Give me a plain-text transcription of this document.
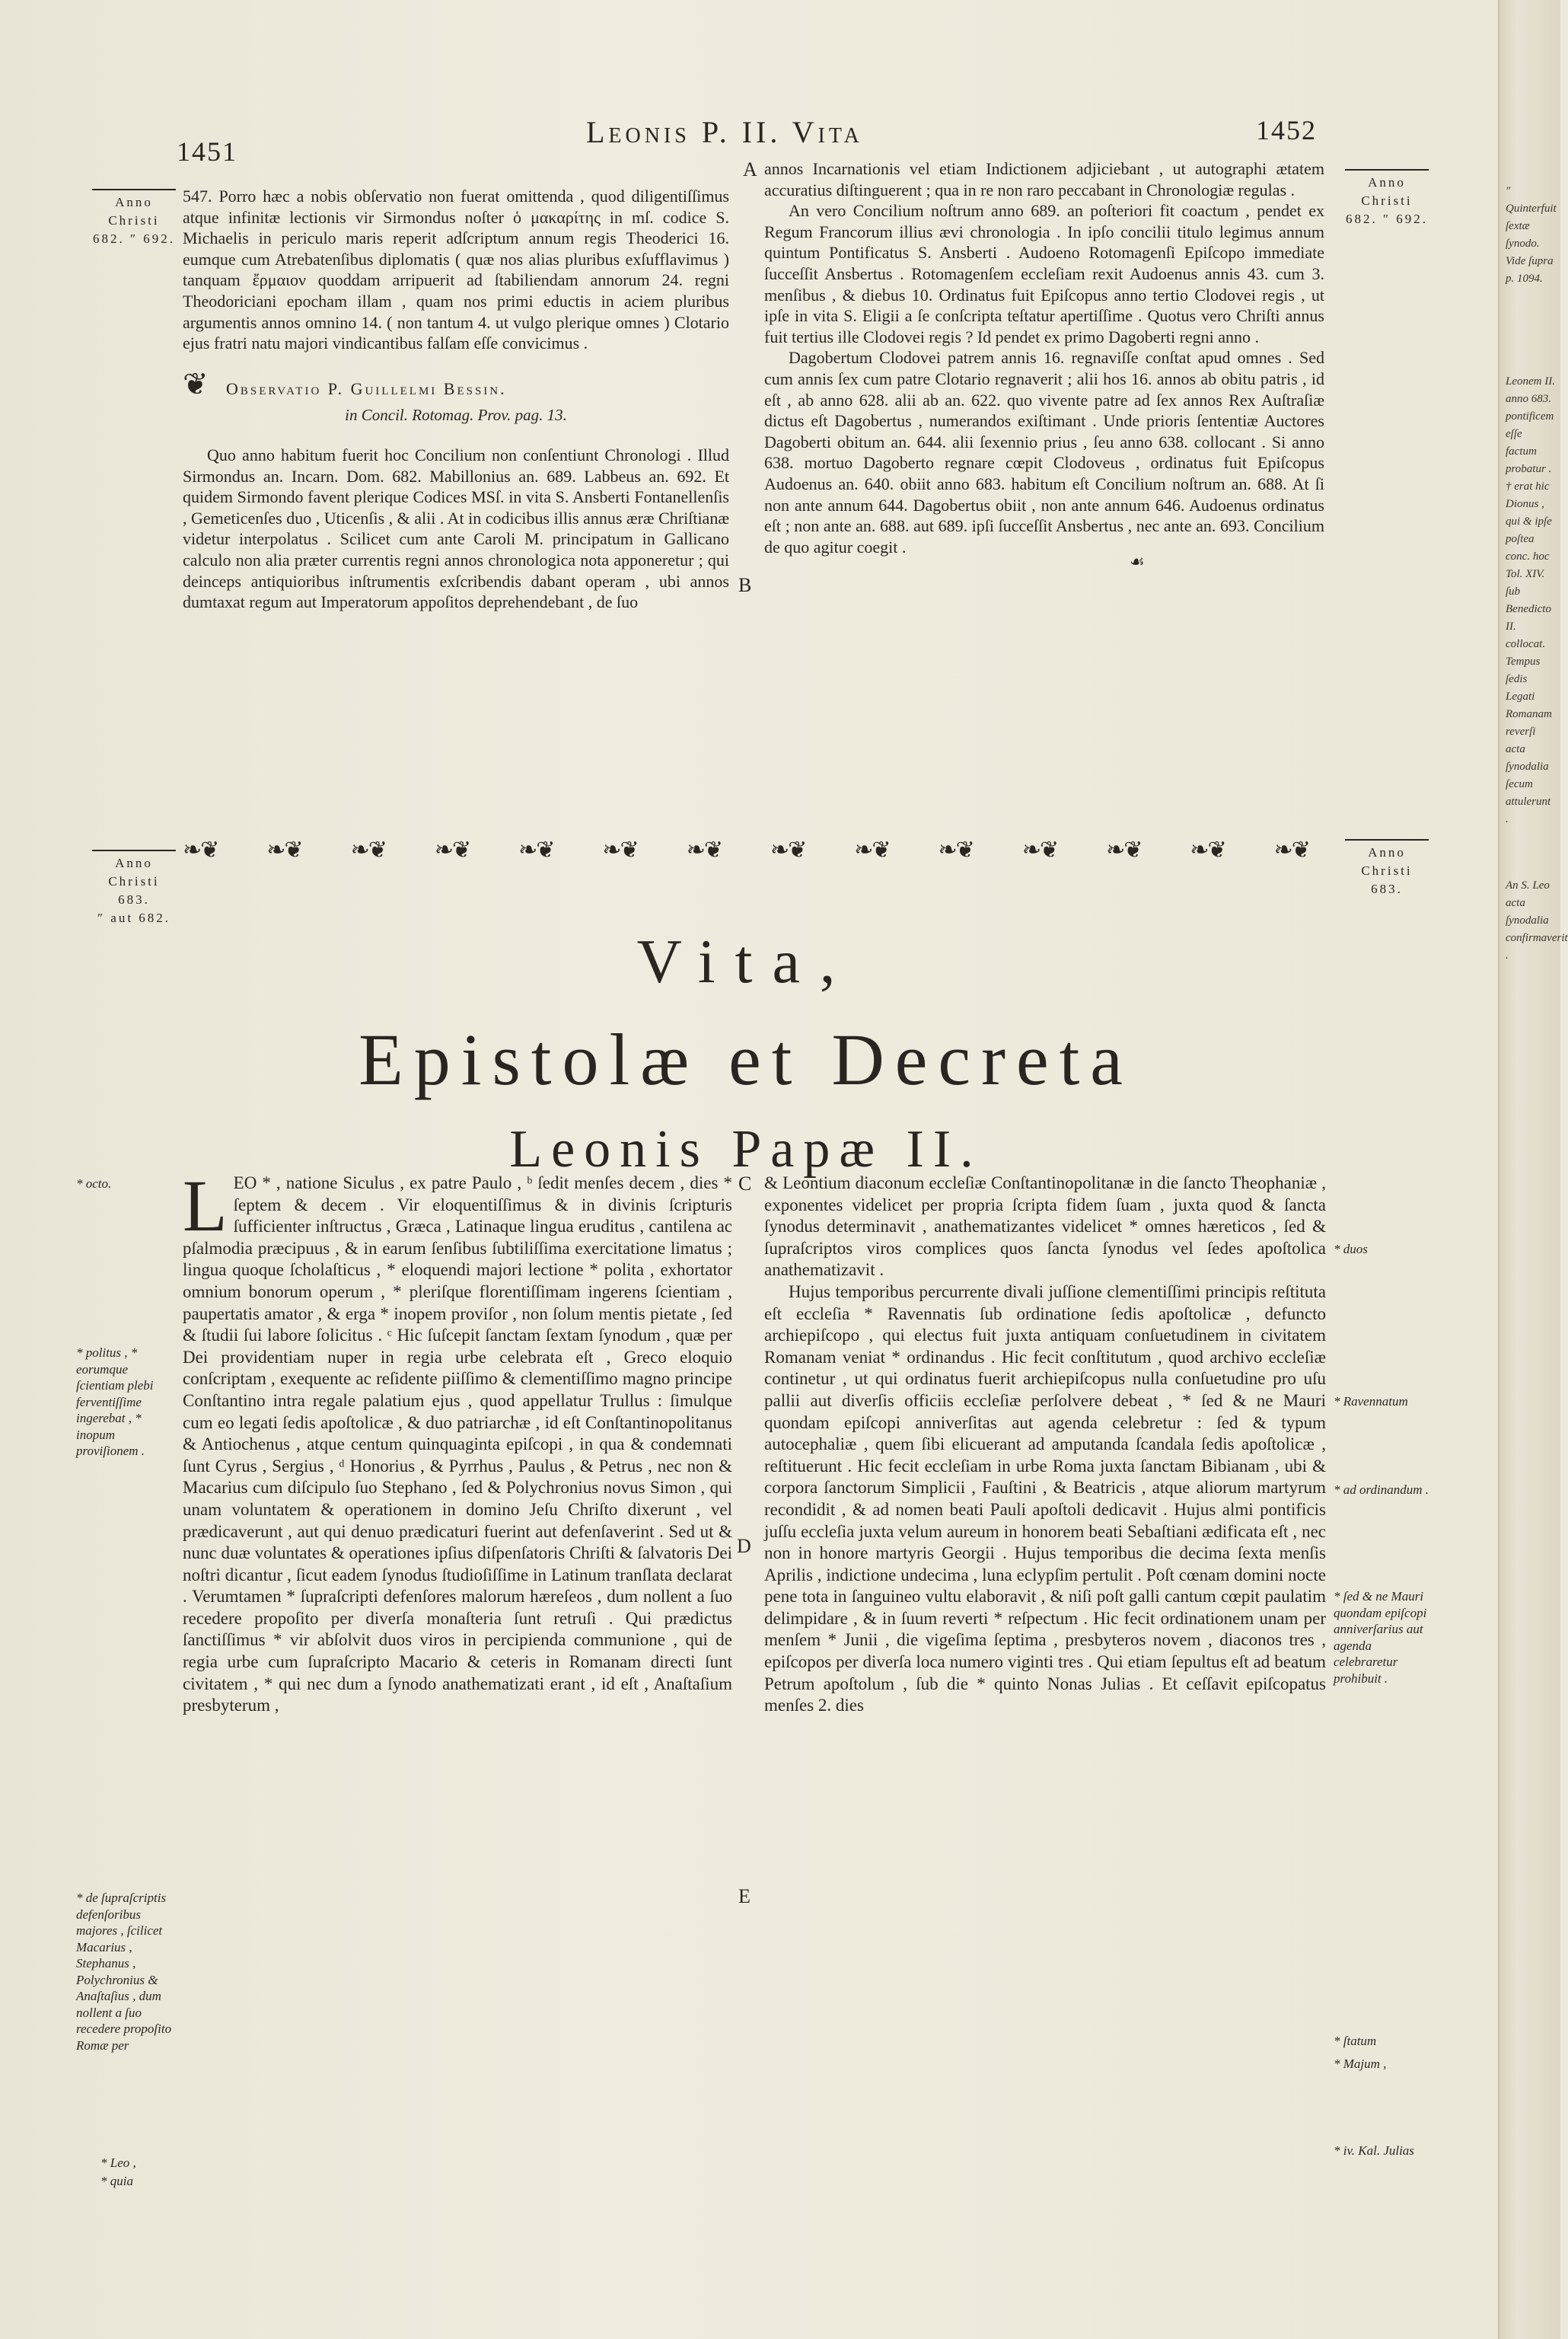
1451
Leonis P. II. Vita	1452
Anno
Christi
682. ″ 692.
Anno
Christi
682. ″ 692.

547. Porro hæc a nobis obſervatio non fuerat omittenda , quod diligentiſſimus atque infinitæ lectionis vir Sirmondus noſter ὁ μακαρίτης in mſ. codice S. Michaelis in periculo maris reperit adſcriptum annum regis Theoderici 16. eumque cum Atrebatenſibus diplomatis ( quæ nos alias pluribus exſufflavimus ) tanquam ἔρμαιον quoddam arripuerit ad ſtabiliendam annorum 24. regni Theodoriciani epocham illam , quam nos primi eductis in aciem pluribus argumentis annos omnino 14. ( non tantum 4. ut vulgo plerique omnes ) Clotario ejus fratri natu majori vindicantibus falſam eſſe convicimus .

❦ Observatio P. Guillelmi Bessin.
in Concil. Rotomag. Prov. pag. 13.

Quo anno habitum fuerit hoc Concilium non conſentiunt Chronologi . Illud Sirmondus an. Incarn. Dom. 682. Mabillonius an. 689. Labbeus an. 692. Et quidem Sirmondo favent plerique Codices MSſ. in vita S. Ansberti Fontanellenſis , Gemeticenſes duo , Uticenſis , & alii . At in codicibus illis annus æræ Chriſtianæ videtur interpolatus . Scilicet cum ante Caroli M. principatum in Gallicano calculo non alia præter currentis regni annos chronologica nota apponeretur ; qui deinceps antiquioribus inſtrumentis exſcribendis dabant operam , ubi annos dumtaxat regum aut Imperatorum appoſitos deprehendebant , de ſuo

A
B

annos Incarnationis vel etiam Indictionem adjiciebant , ut autographi ætatem accuratius diſtinguerent ; qua in re non raro peccabant in Chronologiæ regulas .

An vero Concilium noſtrum anno 689. an poſteriori fit coactum , pendet ex Regum Francorum illius ævi chronologia . In ipſo concilii titulo legimus annum quintum Pontificatus S. Ansberti . Audoeno Rotomagenſi Epiſcopo immediate ſucceſſit Ansbertus . Rotomagenſem eccleſiam rexit Audoenus annis 43. cum 3. menſibus , & diebus 10. Ordinatus fuit Epiſcopus anno tertio Clodovei regis , ut ipſe in vita S. Eligii a ſe conſcripta teſtatur apertiſſime . Quotus vero Chriſti annus fuit tertius ille Clodovei regis ? Id pendet ex primo Dagoberti regni anno .

Dagobertum Clodovei patrem annis 16. regnaviſſe conſtat apud omnes . Sed cum annis ſex cum patre Clotario regnaverit ; alii hos 16. annos ab obitu patris , id eſt , ab anno 628. alii ab an. 622. quo vivente patre ad ſex annos Rex Auſtraſiæ dictus eſt Dagobertus , numerandos exiſtimant . Unde prioris ſententiæ Auctores Dagoberti obitum an. 644. alii ſexennio prius , ſeu anno 638. collocant . Si anno 638. mortuo Dagoberto regnare cœpit Clodoveus , ordinatus fuit Epiſcopus Audoenus an. 640. obiit anno 683. habitum eſt Concilium noſtrum an. 688. At ſi non ante annum 644. Dagobertus obiit , non ante annum 646. Audoenus ordinatus eſt ; non ante an. 688. aut 689. ipſi ſucceſſit Ansbertus , nec ante an. 693. Concilium de quo agitur coegit .

☙
Anno
Christi
683.
″ aut 682.
Anno
Christi
683.
❧❦ ❧❦ ❧❦ ❧❦ ❧❦ ❧❦ ❧❦ ❧❦ ❧❦ ❧❦ ❧❦ ❧❦ ❧❦ ❧❦
Vita,
Epistolæ et Decreta
Leonis Papæ II.
* octo.
* politus , * eorumque ſcientiam plebi ferventiſſime ingerebat , * inopum proviſionem .
* de ſupraſcriptis defenſoribus majores , ſcilicet Macarius , Stephanus , Polychronius & Anaſtaſius , dum nollent a ſuo recedere propoſito Romæ per
* Leo ,
* quia

LEO * , natione Siculus , ex patre Paulo , ᵇ ſedit menſes decem , dies * ſeptem & decem . Vir eloquentiſſimus & in divinis ſcripturis ſufficienter inſtructus , Græca , Latinaque lingua eruditus , cantilena ac pſalmodia præcipuus , & in earum ſenſibus ſubtiliſſima exercitatione limatus ; lingua quoque ſcholaſticus , * eloquendi majori lectione * polita , exhortator omnium bonorum operum , * pleriſque florentiſſimam ingerens ſcientiam , paupertatis amator , & erga * inopem proviſor , non ſolum mentis pietate , ſed & ſtudii ſui labore ſolicitus . ᶜ Hic ſuſcepit ſanctam ſextam ſynodum , quæ per Dei providentiam nuper in regia urbe celebrata eſt , Greco eloquio conſcriptam , exequente ac reſidente piiſſimo & clementiſſimo magno principe Conſtantino intra regale palatium ejus , quod appellatur Trullus : ſimulque cum eo legati ſedis apoſtolicæ , & duo patriarchæ , id eſt Conſtantinopolitanus & Antiochenus , atque centum quinquaginta epiſcopi , in qua & condemnati ſunt Cyrus , Sergius , ᵈ Honorius , & Pyrrhus , Paulus , & Petrus , nec non & Macarius cum diſcipulo ſuo Stephano , ſed & Polychronius novus Simon , qui unam voluntatem & operationem in domino Jeſu Chriſto dixerunt , vel prædicaverunt , aut qui denuo prædicaturi fuerint aut defenſaverint . Sed ut & nunc duæ voluntates & operationes ipſius diſpenſatoris Chriſti & ſalvatoris Dei noſtri dicantur , ſicut eadem ſynodus ſtudioſiſſime in Latinum tranſlata declarat . Verumtamen * ſupraſcripti defenſores malorum hæreſeos , dum nollent a ſuo recedere propoſito per diverſa monaſteria ſunt retruſi . Qui prædictus ſanctiſſimus * vir abſolvit duos viros in percipienda communione , qui de regia urbe cum ſupraſcripto Macario & ceteris in Romanam directi ſunt civitatem , * qui nec dum a ſynodo anathematizati erant , id eſt , Anaſtaſium presbyterum ,

C
D
E

& Leontium diaconum eccleſiæ Conſtantinopolitanæ in die ſancto Theophaniæ , exponentes videlicet per propria ſcripta fidem ſuam , juxta quod & ſancta ſynodus determinavit , anathematizantes videlicet * omnes hæreticos , ſed & ſupraſcriptos viros complices quos ſancta ſynodus vel ſedes apoſtolica anathematizavit .

Hujus temporibus percurrente divali juſſione clementiſſimi principis reſtituta eſt eccleſia * Ravennatis ſub ordinatione ſedis apoſtolicæ , defuncto archiepiſcopo , qui electus fuit juxta antiquam conſuetudinem in civitatem Romanam veniat * ordinandus . Hic fecit conſtitutum , quod archivo eccleſiæ continetur , ut qui ordinatus fuerit archiepiſcopus nulla conſuetudine pro uſu pallii aut diverſis officiis eccleſiæ perſolvere debeat , * ſed & ne Mauri quondam epiſcopi anniverſitas aut agenda celebretur : ſed & typum autocephaliæ , quem ſibi elicuerant ad amputanda ſcandala ſedis apoſtolicæ , reſtituerunt . Hic fecit eccleſiam in urbe Roma juxta ſanctam Bibianam , ubi & corpora ſanctorum Simplicii , Fauſtini , & Beatricis , atque aliorum martyrum recondidit , & ad nomen beati Pauli apoſtoli dedicavit . Hujus almi pontificis juſſu eccleſia juxta velum aureum in honorem beati Sebaſtiani ædificata eſt , nec non in honore martyris Georgii . Hujus temporibus die decima ſexta menſis Aprilis , indictione undecima , luna eclypſim pertulit . Poſt cœnam domini nocte pene tota in ſanguineo vultu elaboravit , & niſi poſt galli cantum cœpit paulatim delimpidare , & in ſuum reverti * reſpectum . Hic fecit ordinationem unam per menſem * Junii , die vigeſima ſeptima , presbyteros novem , diaconos tres , epiſcopos per diverſa loca numero viginti tres . Qui etiam ſepultus eſt ad beatum Petrum apoſtolum , ſub die * quinto Nonas Julias . Et ceſſavit epiſcopatus menſes 2. dies

* duos
* Ravennatum
* ad ordinandum .
* ſed & ne Mauri quondam epiſcopi anniverſarius aut agenda celebraretur prohibuit .
* ſtatum
* Majum ,
* iv. Kal. Julias
″ Quinterfuit ſextæ ſynodo. Vide ſupra p. 1094.
Leonem II. anno 683. pontificem eſſe factum probatur . † erat hic Dionus , qui & ipſe poſtea conc. hoc Tol. XIV. ſub Benedicto II. collocat. Tempus ſedis Legati Romanam reverſi acta ſynodalia ſecum attulerunt .
An S. Leo acta ſynodalia confirmaverit .
